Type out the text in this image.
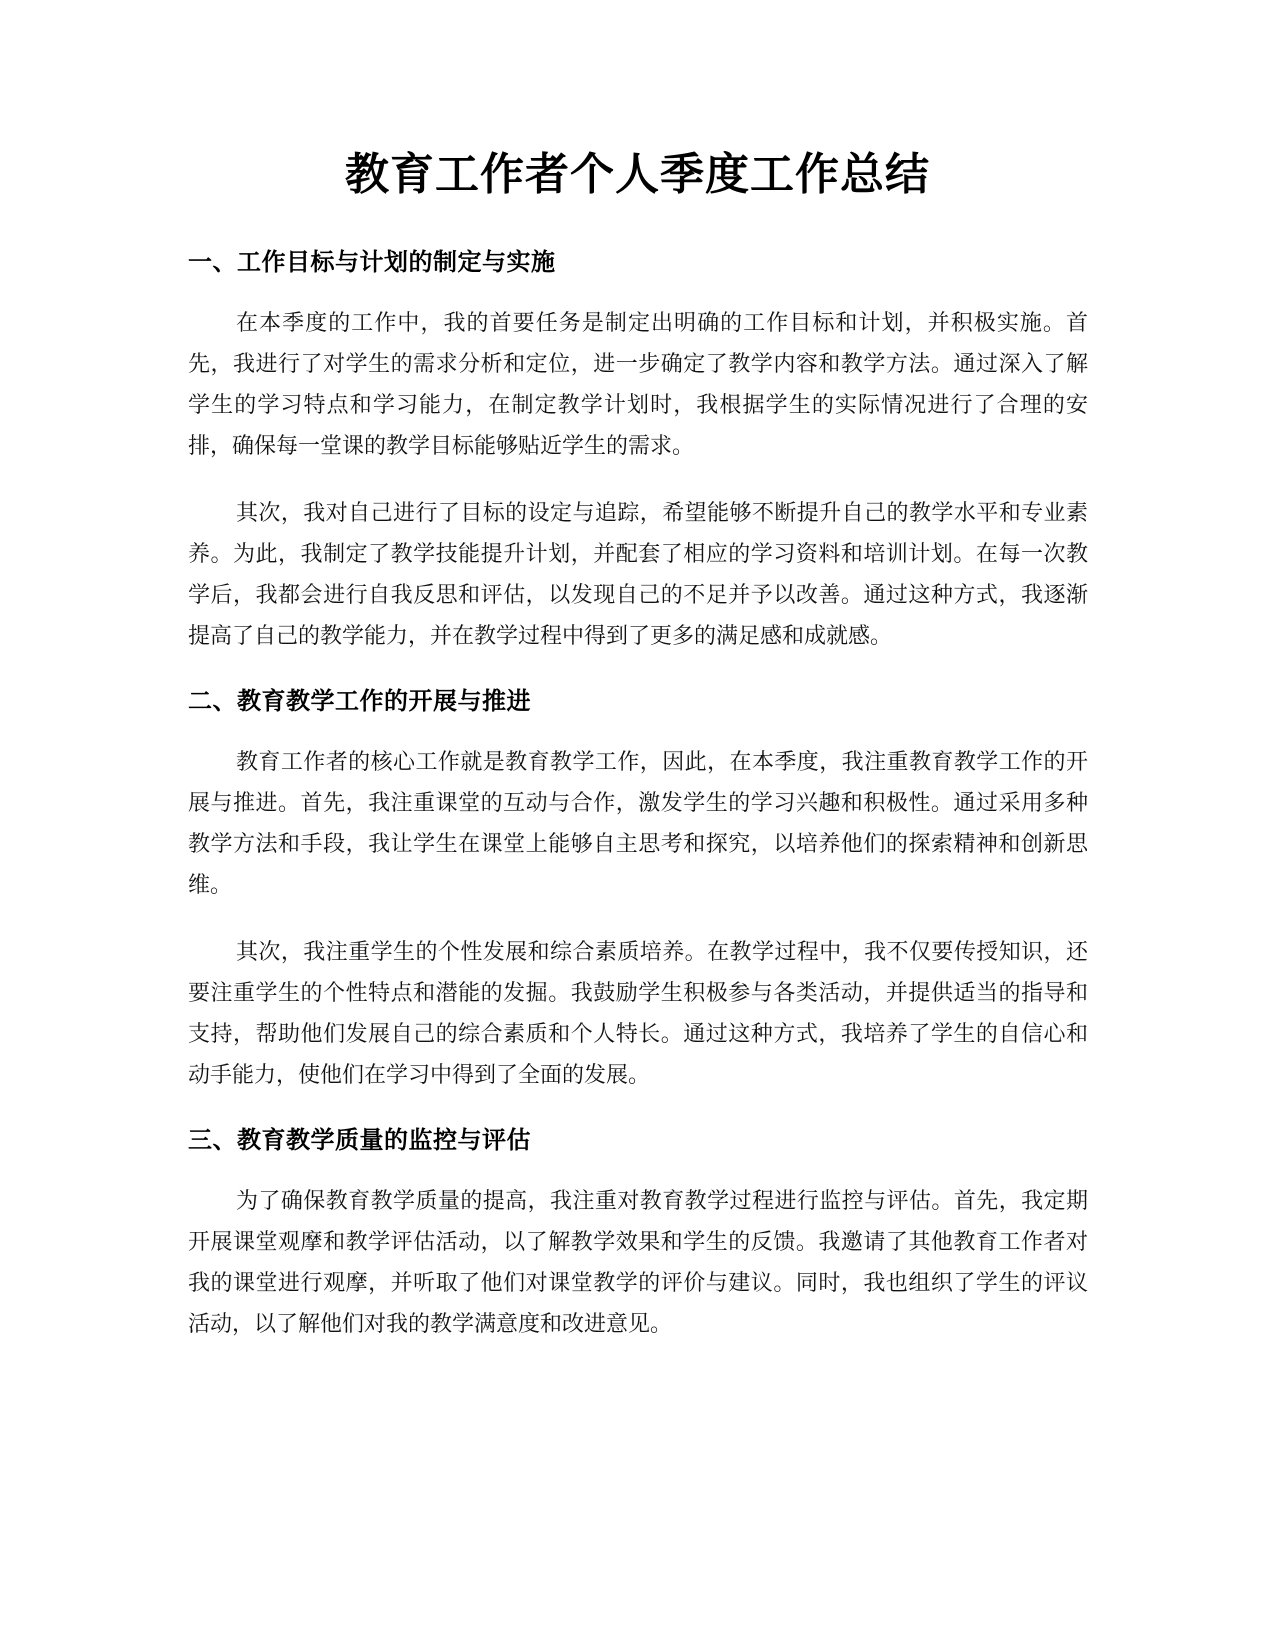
教育工作者个人季度工作总结
一、工作目标与计划的制定与实施

在本季度的工作中，我的首要任务是制定出明确的工作目标和计划，并积极实施。首先，我进行了对学生的需求分析和定位，进一步确定了教学内容和教学方法。通过深入了解学生的学习特点和学习能力，在制定教学计划时，我根据学生的实际情况进行了合理的安排，确保每一堂课的教学目标能够贴近学生的需求。

其次，我对自己进行了目标的设定与追踪，希望能够不断提升自己的教学水平和专业素养。为此，我制定了教学技能提升计划，并配套了相应的学习资料和培训计划。在每一次教学后，我都会进行自我反思和评估，以发现自己的不足并予以改善。通过这种方式，我逐渐提高了自己的教学能力，并在教学过程中得到了更多的满足感和成就感。

二、教育教学工作的开展与推进

教育工作者的核心工作就是教育教学工作，因此，在本季度，我注重教育教学工作的开展与推进。首先，我注重课堂的互动与合作，激发学生的学习兴趣和积极性。通过采用多种教学方法和手段，我让学生在课堂上能够自主思考和探究，以培养他们的探索精神和创新思维。

其次，我注重学生的个性发展和综合素质培养。在教学过程中，我不仅要传授知识，还要注重学生的个性特点和潜能的发掘。我鼓励学生积极参与各类活动，并提供适当的指导和支持，帮助他们发展自己的综合素质和个人特长。通过这种方式，我培养了学生的自信心和动手能力，使他们在学习中得到了全面的发展。

三、教育教学质量的监控与评估

为了确保教育教学质量的提高，我注重对教育教学过程进行监控与评估。首先，我定期开展课堂观摩和教学评估活动，以了解教学效果和学生的反馈。我邀请了其他教育工作者对我的课堂进行观摩，并听取了他们对课堂教学的评价与建议。同时，我也组织了学生的评议活动，以了解他们对我的教学满意度和改进意见。
